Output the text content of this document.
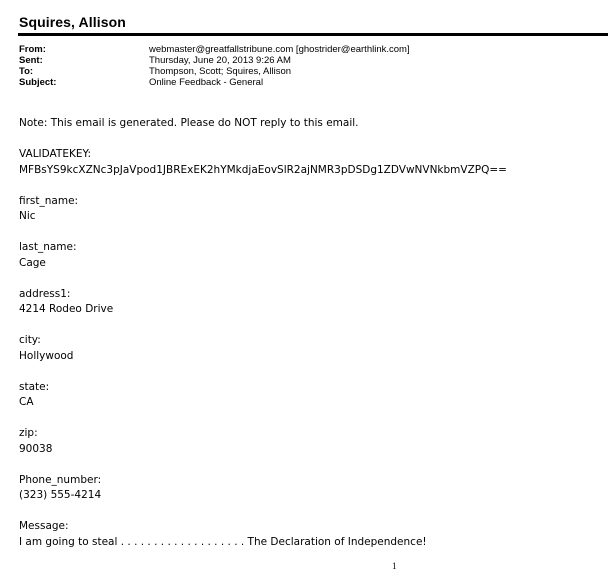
Squires, Allison
From:	webmaster@greatfallstribune.com [ghostrider@earthlink.com]
Sent:	Thursday, June 20, 2013 9:26 AM
To:	Thompson, Scott; Squires, Allison
Subject:	Online Feedback - General
Note: This email is generated. Please do NOT reply to this email.
VALIDATEKEY:
MFBsYS9kcXZNc3pJaVpod1JBRExEK2hYMkdjaEovSlR2ajNMR3pDSDg1ZDVwNVNkbmVZPQ==
first_name:
Nic
last_name:
Cage
address1:
4214 Rodeo Drive
city:
Hollywood
state:
CA
zip:
90038
Phone_number:
(323) 555-4214
Message:
I am going to steal . . . . . . . . . . . . . . . . . . . The Declaration of Independence!
1
